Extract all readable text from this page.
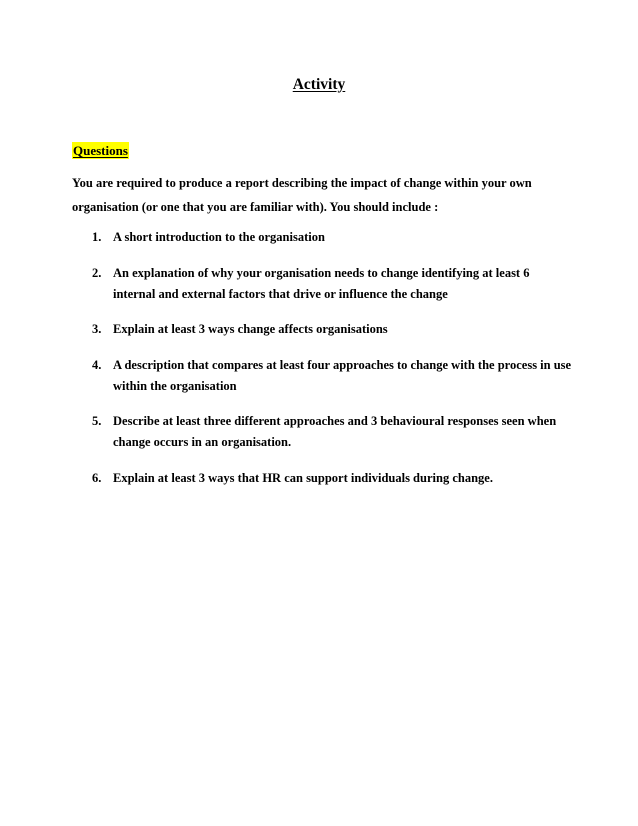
Activity
Questions
You are required to produce a report describing the impact of change within your own organisation (or one that you are familiar with). You should include :
1. A short introduction to the organisation
2. An explanation of why your organisation needs to change identifying at least 6 internal and external factors that drive or influence the change
3. Explain at least 3 ways change affects organisations
4. A description that compares at least four approaches to change with the process in use within the organisation
5. Describe at least three different approaches and 3 behavioural responses seen when change occurs in an organisation.
6. Explain at least 3 ways that HR can support individuals during change.
